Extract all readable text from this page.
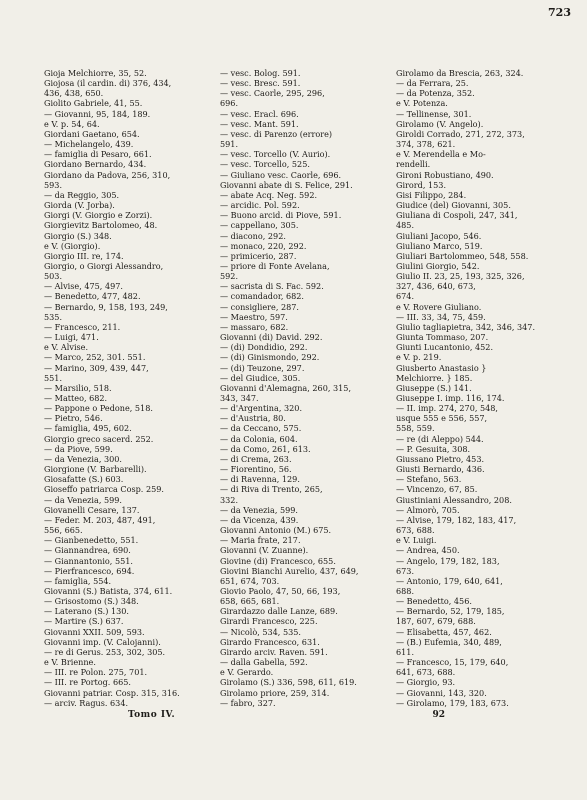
723
Gioja Melchiorre, 35, 52.
Giojosa (il cardin. di) 376, 434,
436, 438, 650.
Giolito Gabriele, 41, 55.
— Giovanni, 95, 184, 189.
e V. p. 54, 64.
Giordani Gaetano, 654.
— Michelangelo, 439.
— famiglia di Pesaro, 661.
Giordano Bernardo, 434.
Giordano da Padova, 256, 310,
593.
— da Reggio, 305.
Giorda (V. Jorba).
Giorgi (V. Giorgio e Zorzi).
Giorgievitz Bartolomeo, 48.
Giorgio (S.) 348.
e V. (Giorgio).
Giorgio III. re, 174.
Giorgio, o Giorgi Alessandro,
503.
— Alvise, 475, 497.
— Benedetto, 477, 482.
— Bernardo, 9, 158, 193, 249,
535.
— Francesco, 211.
— Luigi, 471.
e V. Alvise.
— Marco, 252, 301. 551.
— Marino, 309, 439, 447,
551.
— Marsilio, 518.
— Matteo, 682.
— Pappone o Pedone, 518.
— Pietro, 546.
— famiglia, 495, 602.
Giorgio greco sacerd. 252.
— da Piove, 599.
— da Venezia, 300.
Giorgione (V. Barbarelli).
Giosafatte (S.) 603.
Gioseffo patriarca Cosp. 259.
— da Venezia, 599.
Giovanelli Cesare, 137.
— Feder. M. 203, 487, 491,
556, 665.
— Gianbenedetto, 551.
— Giannandrea, 690.
— Giannantonio, 551.
— Pierfrancesco, 694.
— famiglia, 554.
Giovanni (S.) Batista, 374, 611.
— Grisostomo (S.) 348.
— Laterano (S.) 130.
— Martire (S.) 637.
Giovanni XXII. 509, 593.
Giovanni imp. (V. Calojanni).
— re di Gerus. 253, 302, 305.
e V. Brienne.
— III. re Polon. 275, 701.
— III. re Portog. 665.
Giovanni patriar. Cosp. 315, 316.
— arciv. Ragus. 634.
— vesc. Bolog. 591.
— vesc. Bresc. 591.
— vesc. Caorle, 295, 296,
696.
— vesc. Eracl. 696.
— vesc. Mant. 591.
— vesc. di Parenzo (errore)
591.
— vesc. Torcello (V. Aurio).
— vesc. Torcello, 525.
— Giuliano vesc. Caorle, 696.
Giovanni abate di S. Felice, 291.
— abate Acq. Neg. 592.
— arcidic. Pol. 592.
— Buono arcid. di Piove, 591.
— cappellano, 305.
— diacono, 292.
— monaco, 220, 292.
— primicerio, 287.
— priore di Fonte Avelana,
592.
— sacrista di S. Fac. 592.
— comandador, 682.
— consigliere, 287.
— Maestro, 597.
— massaro, 682.
Giovanni (di) David. 292.
— (di) Dondidio, 292.
— (di) Ginismondo, 292.
— (di) Teuzone, 297.
— del Giudice, 305.
Giovanni d'Alemagna, 260, 315,
343, 347.
— d'Argentina, 320.
— d'Austria, 80.
— da Ceccano, 575.
— da Colonia, 604.
— da Como, 261, 613.
— di Crema, 263.
— Fiorentino, 56.
— di Ravenna, 129.
— di Riva di Trento, 265,
332.
— da Venezia, 599.
— da Vicenza, 439.
Giovanni Antonio (M.) 675.
— Maria frate, 217.
Giovanni (V. Zuanne).
Giovine (di) Francesco, 655.
Giovini Bianchi Aurelio, 437, 649,
651, 674, 703.
Giovio Paolo, 47, 50, 66, 193,
658, 665, 681.
Girardazzo dalle Lanze, 689.
Girardi Francesco, 225.
— Nicolò, 534, 535.
Girardo Francesco, 631.
Girardo arciv. Raven. 591.
— dalla Gabella, 592.
e V. Gerardo.
Girolamo (S.) 336, 598, 611, 619.
Girolamo priore, 259, 314.
— fabro, 327.
Girolamo da Brescia, 263, 324.
— da Ferrara, 25.
— da Potenza, 352.
e V. Potenza.
— Tellinense, 301.
Girolamo (V. Angelo).
Giroldi Corrado, 271, 272, 373,
374, 378, 621.
e V. Merendella e Mo-
rendelli.
Gironi Robustiano, 490.
Girord, 153.
Gisi Filippo, 284.
Giudice (del) Giovanni, 305.
Giuliana di Cospoli, 247, 341,
485.
Giuliani Jacopo, 546.
Giuliano Marco, 519.
Giuliari Bartolommeo, 548, 558.
Giulini Giorgio, 542.
Giulio II. 23, 25, 193, 325, 326,
327, 436, 640, 673,
674.
e V. Rovere Giuliano.
— III. 33, 34, 75, 459.
Giulio tagliapietra, 342, 346, 347.
Giunta Tommaso, 207.
Giunti Lucantonio, 452.
e V. p. 219.
Giusberto Anastasio }
Melchiorre. } 185.
Giuseppe (S.) 141.
Giuseppe I. imp. 116, 174.
— II. imp. 274, 270, 548,
usque 555 e 556, 557,
558, 559.
— re (di Aleppo) 544.
— P. Gesuita, 308.
Giussano Pietro, 453.
Giusti Bernardo, 436.
— Stefano, 563.
— Vincenzo, 67, 85.
Giustiniani Alessandro, 208.
— Almorò, 705.
— Alvise, 179, 182, 183, 417,
673, 688.
e V. Luigi.
— Andrea, 450.
— Angelo, 179, 182, 183,
673.
— Antonio, 179, 640, 641,
688.
— Benedetto, 456.
— Bernardo, 52, 179, 185,
187, 607, 679, 688.
— Elisabetta, 457, 462.
— (B.) Eufemia, 340, 489,
611.
— Francesco, 15, 179, 640,
641, 673, 688.
— Giorgio, 93.
— Giovanni, 143, 320.
— Girolamo, 179, 183, 673.
Tomo IV.	92
